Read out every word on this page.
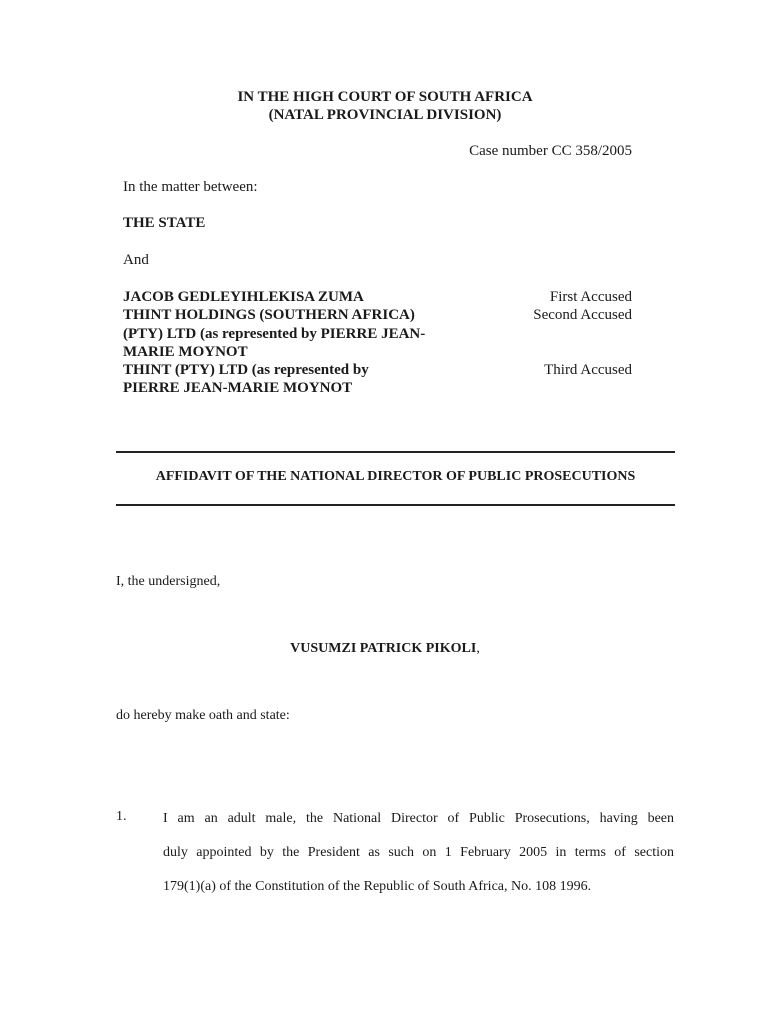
IN THE HIGH COURT OF SOUTH AFRICA
(NATAL PROVINCIAL DIVISION)
Case number CC 358/2005
In the matter between:
THE STATE
And
JACOB GEDLEYIHLEKISA ZUMA
THINT HOLDINGS (SOUTHERN AFRICA)
(PTY) LTD (as represented by PIERRE JEAN-
MARIE MOYNOT
THINT (PTY) LTD (as represented by
PIERRE JEAN-MARIE MOYNOT
First Accused
Second Accused
Third Accused
AFFIDAVIT OF THE NATIONAL DIRECTOR OF PUBLIC PROSECUTIONS
I, the undersigned,
VUSUMZI PATRICK PIKOLI,
do hereby make oath and state:
1.	I am an adult male, the National Director of Public Prosecutions, having been
duly appointed by the President as such on 1 February 2005 in terms of section
179(1)(a) of the Constitution of the Republic of South Africa, No. 108 1996.
